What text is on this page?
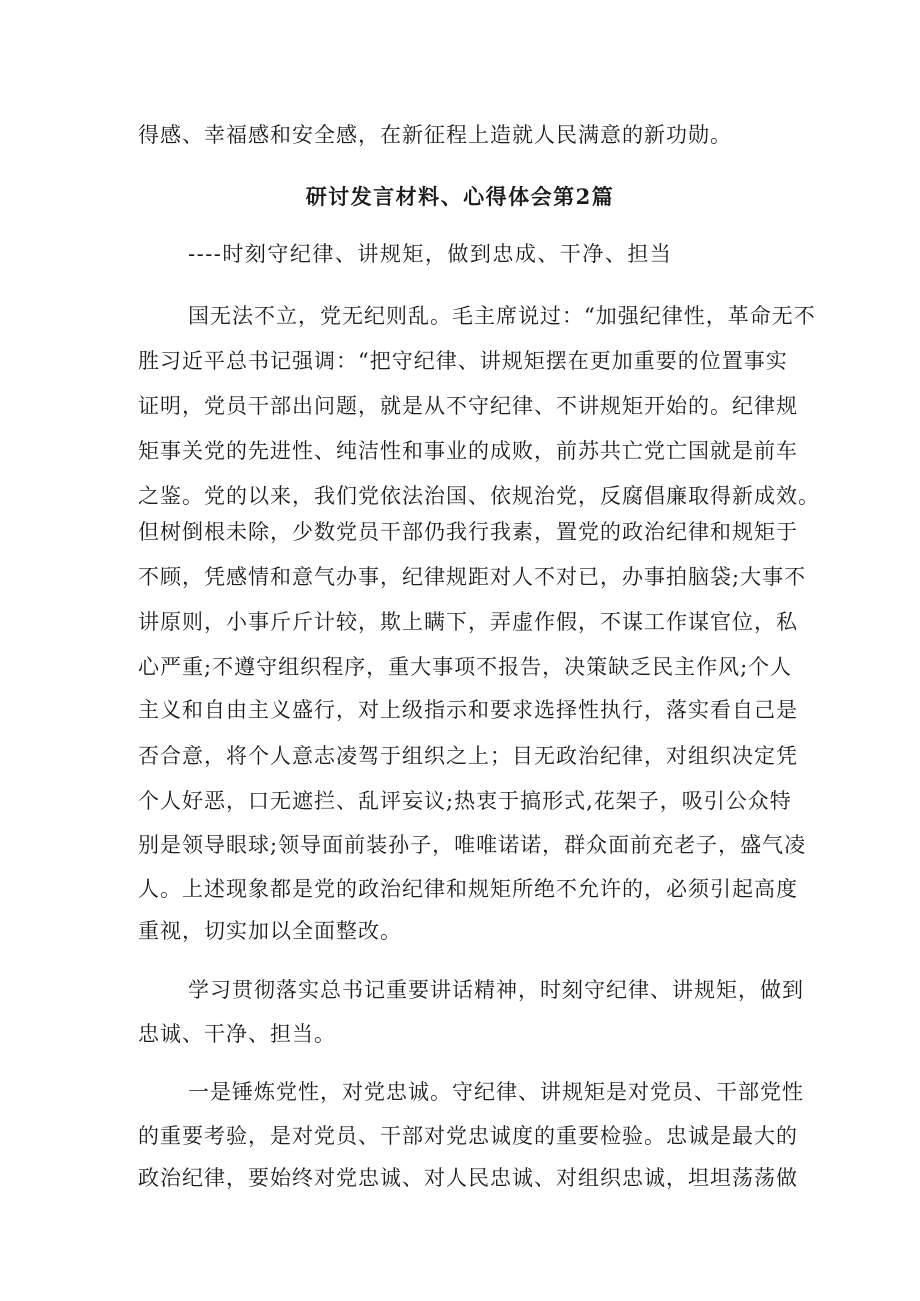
得感、幸福感和安全感，在新征程上造就人民满意的新功勋。
研讨发言材料、心得体会第2篇
----时刻守纪律、讲规矩，做到忠成、干净、担当
国无法不立，党无纪则乱。毛主席说过：“加强纪律性，革命无不
胜习近平总书记强调：“把守纪律、讲规矩摆在更加重要的位置事实
证明，党员干部出问题，就是从不守纪律、不讲规矩开始的。纪律规
矩事关党的先进性、纯洁性和事业的成败，前苏共亡党亡国就是前车
之鉴。党的以来，我们党依法治国、依规治党，反腐倡廉取得新成效。
但树倒根未除，少数党员干部仍我行我素，置党的政治纪律和规矩于
不顾，凭感情和意气办事，纪律规距对人不对已，办事拍脑袋;大事不
讲原则，小事斤斤计较，欺上瞒下，弄虚作假，不谋工作谋官位，私
心严重;不遵守组织程序，重大事项不报告，决策缺乏民主作风;个人
主义和自由主义盛行，对上级指示和要求选择性执行，落实看自己是
否合意，将个人意志凌驾于组织之上；目无政治纪律，对组织决定凭
个人好恶，口无遮拦、乱评妄议;热衷于搞形式,花架子，吸引公众特
别是领导眼球;领导面前装孙子，唯唯诺诺，群众面前充老子，盛气凌
人。上述现象都是党的政治纪律和规矩所绝不允许的，必须引起高度
重视，切实加以全面整改。
学习贯彻落实总书记重要讲话精神，时刻守纪律、讲规矩，做到
忠诚、干净、担当。
一是锤炼党性，对党忠诚。守纪律、讲规矩是对党员、干部党性
的重要考验，是对党员、干部对党忠诚度的重要检验。忠诚是最大的
政治纪律，要始终对党忠诚、对人民忠诚、对组织忠诚，坦坦荡荡做
